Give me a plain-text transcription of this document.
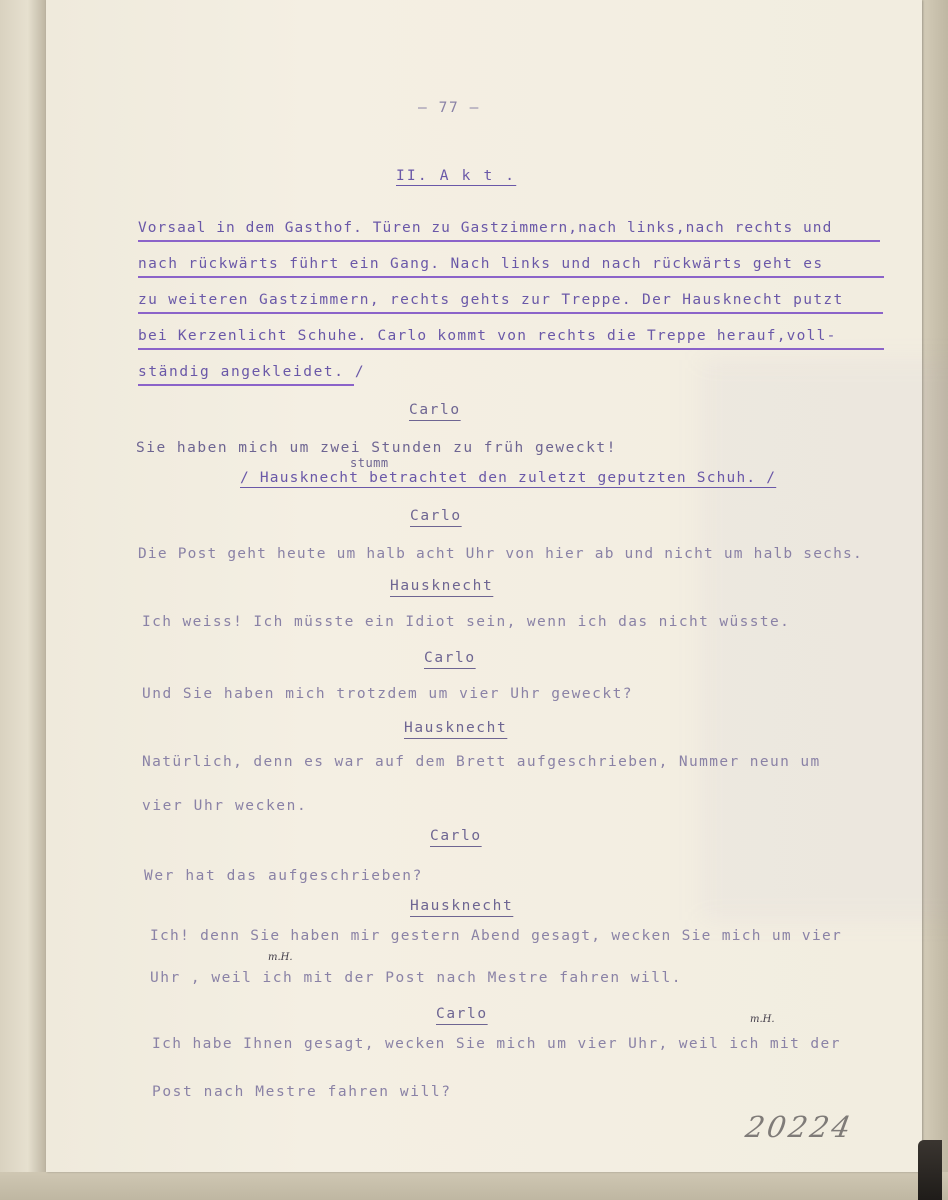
– 77 –

II. A k t .

Vorsaal in dem Gasthof. Türen zu Gastzimmern,nach links,nach rechts und

nach rückwärts führt ein Gang. Nach links und nach rückwärts geht es

zu weiteren Gastzimmern, rechts gehts zur Treppe. Der Hausknecht putzt

bei Kerzenlicht Schuhe. Carlo kommt von rechts die Treppe herauf,voll-

ständig angekleidet. /

Carlo

Sie haben mich um zwei Stunden zu früh geweckt!

stumm

/ Hausknecht betrachtet den zuletzt geputzten Schuh. /

Carlo

Die Post geht heute um halb acht Uhr von hier ab und nicht um halb sechs.

Hausknecht

Ich weiss! Ich müsste ein Idiot sein, wenn ich das nicht wüsste.

Carlo

Und Sie haben mich trotzdem um vier Uhr geweckt?

Hausknecht

Natürlich, denn es war auf dem Brett aufgeschrieben, Nummer neun um

vier Uhr wecken.

Carlo

Wer hat das aufgeschrieben?

Hausknecht

Ich! denn Sie haben mir gestern Abend gesagt, wecken Sie mich um vier

Uhr , weil ich mit der Post nach Mestre fahren will.

m.H.

Carlo

Ich habe Ihnen gesagt, wecken Sie mich um vier Uhr, weil ich mit der

Post nach Mestre fahren will?

m.H.
20224
